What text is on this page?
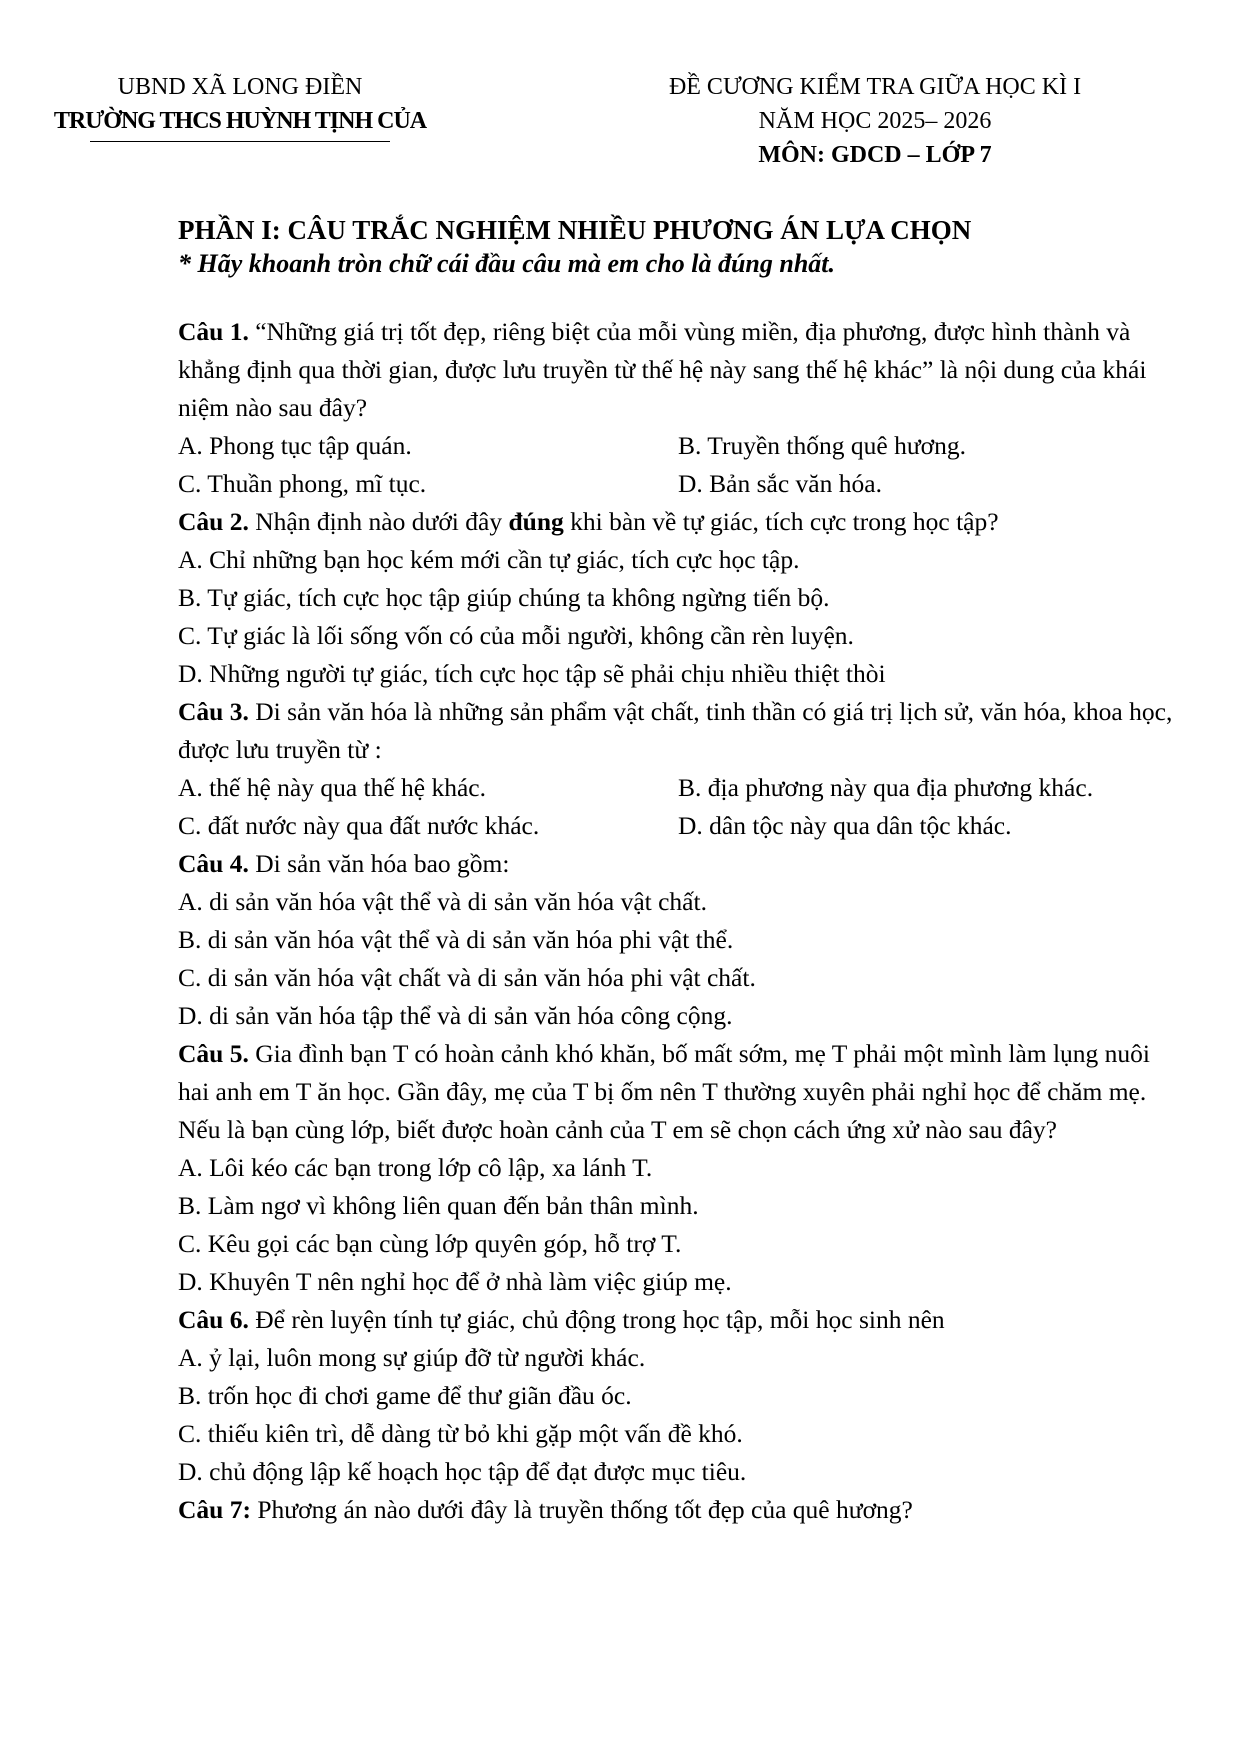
UBND XÃ LONG ĐIỀN
TRƯỜNG THCS HUỲNH TỊNH CỦA
ĐỀ CƯƠNG KIỂM TRA GIỮA HỌC KÌ I
NĂM HỌC 2025– 2026
MÔN: GDCD – LỚP 7

PHẦN I: CÂU TRẮC NGHIỆM NHIỀU PHƯƠNG ÁN LỰA CHỌN

* Hãy khoanh tròn chữ cái đầu câu mà em cho là đúng nhất.

Câu 1. “Những giá trị tốt đẹp, riêng biệt của mỗi vùng miền, địa phương, được hình thành và khẳng định qua thời gian, được lưu truyền từ thế hệ này sang thế hệ khác” là nội dung của khái niệm nào sau đây?

A. Phong tục tập quán.	B. Truyền thống quê hương.

C. Thuần phong, mĩ tục.	D. Bản sắc văn hóa.

Câu 2. Nhận định nào dưới đây đúng khi bàn về tự giác, tích cực trong học tập?

A. Chỉ những bạn học kém mới cần tự giác, tích cực học tập.

B. Tự giác, tích cực học tập giúp chúng ta không ngừng tiến bộ.

C. Tự giác là lối sống vốn có của mỗi người, không cần rèn luyện.

D. Những người tự giác, tích cực học tập sẽ phải chịu nhiều thiệt thòi

Câu 3. Di sản văn hóa là những sản phẩm vật chất, tinh thần có giá trị lịch sử, văn hóa, khoa học, được lưu truyền từ :

A. thế hệ này qua thế hệ khác.	B. địa phương này qua địa phương khác.

C. đất nước này qua đất nước khác.	D. dân tộc này qua dân tộc khác.

Câu 4. Di sản văn hóa bao gồm:

A. di sản văn hóa vật thể và di sản văn hóa vật chất.

B. di sản văn hóa vật thể và di sản văn hóa phi vật thể.

C. di sản văn hóa vật chất và di sản văn hóa phi vật chất.

D. di sản văn hóa tập thể và di sản văn hóa công cộng.

Câu 5. Gia đình bạn T có hoàn cảnh khó khăn, bố mất sớm, mẹ T phải một mình làm lụng nuôi hai anh em T ăn học. Gần đây, mẹ của T bị ốm nên T thường xuyên phải nghỉ học để chăm mẹ. Nếu là bạn cùng lớp, biết được hoàn cảnh của T em sẽ chọn cách ứng xử nào sau đây?

A. Lôi kéo các bạn trong lớp cô lập, xa lánh T.

B. Làm ngơ vì không liên quan đến bản thân mình.

C. Kêu gọi các bạn cùng lớp quyên góp, hỗ trợ T.

D. Khuyên T nên nghỉ học để ở nhà làm việc giúp mẹ.

Câu 6. Để rèn luyện tính tự giác, chủ động trong học tập, mỗi học sinh nên

A. ỷ lại, luôn mong sự giúp đỡ từ người khác.

B. trốn học đi chơi game để thư giãn đầu óc.

C. thiếu kiên trì, dễ dàng từ bỏ khi gặp một vấn đề khó.

D. chủ động lập kế hoạch học tập để đạt được mục tiêu.

Câu 7: Phương án nào dưới đây là truyền thống tốt đẹp của quê hương?
